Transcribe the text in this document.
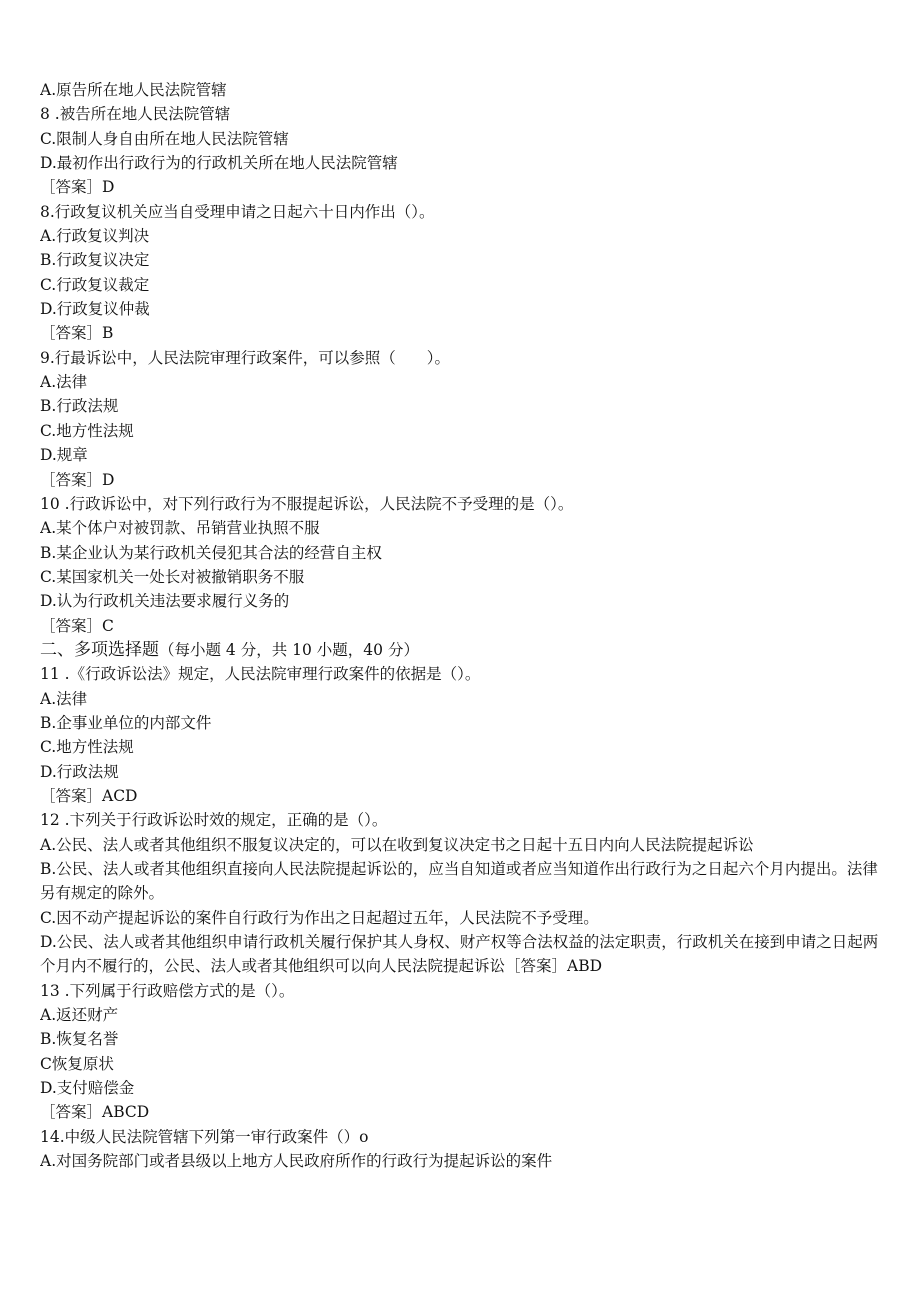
A.原告所在地人民法院管辖
8 .被告所在地人民法院管辖
C.限制人身自由所在地人民法院管辖
D.最初作出行政行为的行政机关所在地人民法院管辖
［答案］D
8.行政复议机关应当自受理申请之日起六十日内作出（）。
A.行政复议判决
B.行政复议决定
C.行政复议裁定
D.行政复议仲裁
［答案］B
9.行最诉讼中，人民法院审理行政案件，可以参照（　　）。
A.法律
B.行政法规
C.地方性法规
D.规章
［答案］D
10 .行政诉讼中，对下列行政行为不服提起诉讼，人民法院不予受理的是（）。
A.某个体户对被罚款、吊销营业执照不服
B.某企业认为某行政机关侵犯其合法的经营自主权
C.某国家机关一处长对被撤销职务不服
D.认为行政机关违法要求履行义务的
［答案］C
二、多项选择题（每小题 4 分，共 10 小题，40 分）
11 .《行政诉讼法》规定，人民法院审理行政案件的依据是（）。
A.法律
B.企事业单位的内部文件
C.地方性法规
D.行政法规
［答案］ACD
12 .卞列关于行政诉讼时效的规定，正确的是（）。
A.公民、法人或者其他组织不服复议决定的，可以在收到复议决定书之日起十五日内向人民法院提起诉讼
B.公民、法人或者其他组织直接向人民法院提起诉讼的，应当自知道或者应当知道作出行政行为之日起六个月内提出。法律另有规定的除外。
C.因不动产提起诉讼的案件自行政行为作出之日起超过五年，人民法院不予受理。
D.公民、法人或者其他组织申请行政机关履行保护其人身权、财产权等合法权益的法定职责，行政机关在接到申请之日起两个月内不履行的，公民、法人或者其他组织可以向人民法院提起诉讼［答案］ABD
13 .下列属于行政赔偿方式的是（）。
A.返还财产
B.恢复名誉
C恢复原状
D.支付赔偿金
［答案］ABCD
14.中级人民法院管辖下列第一审行政案件（）o
A.对国务院部门或者县级以上地方人民政府所作的行政行为提起诉讼的案件
